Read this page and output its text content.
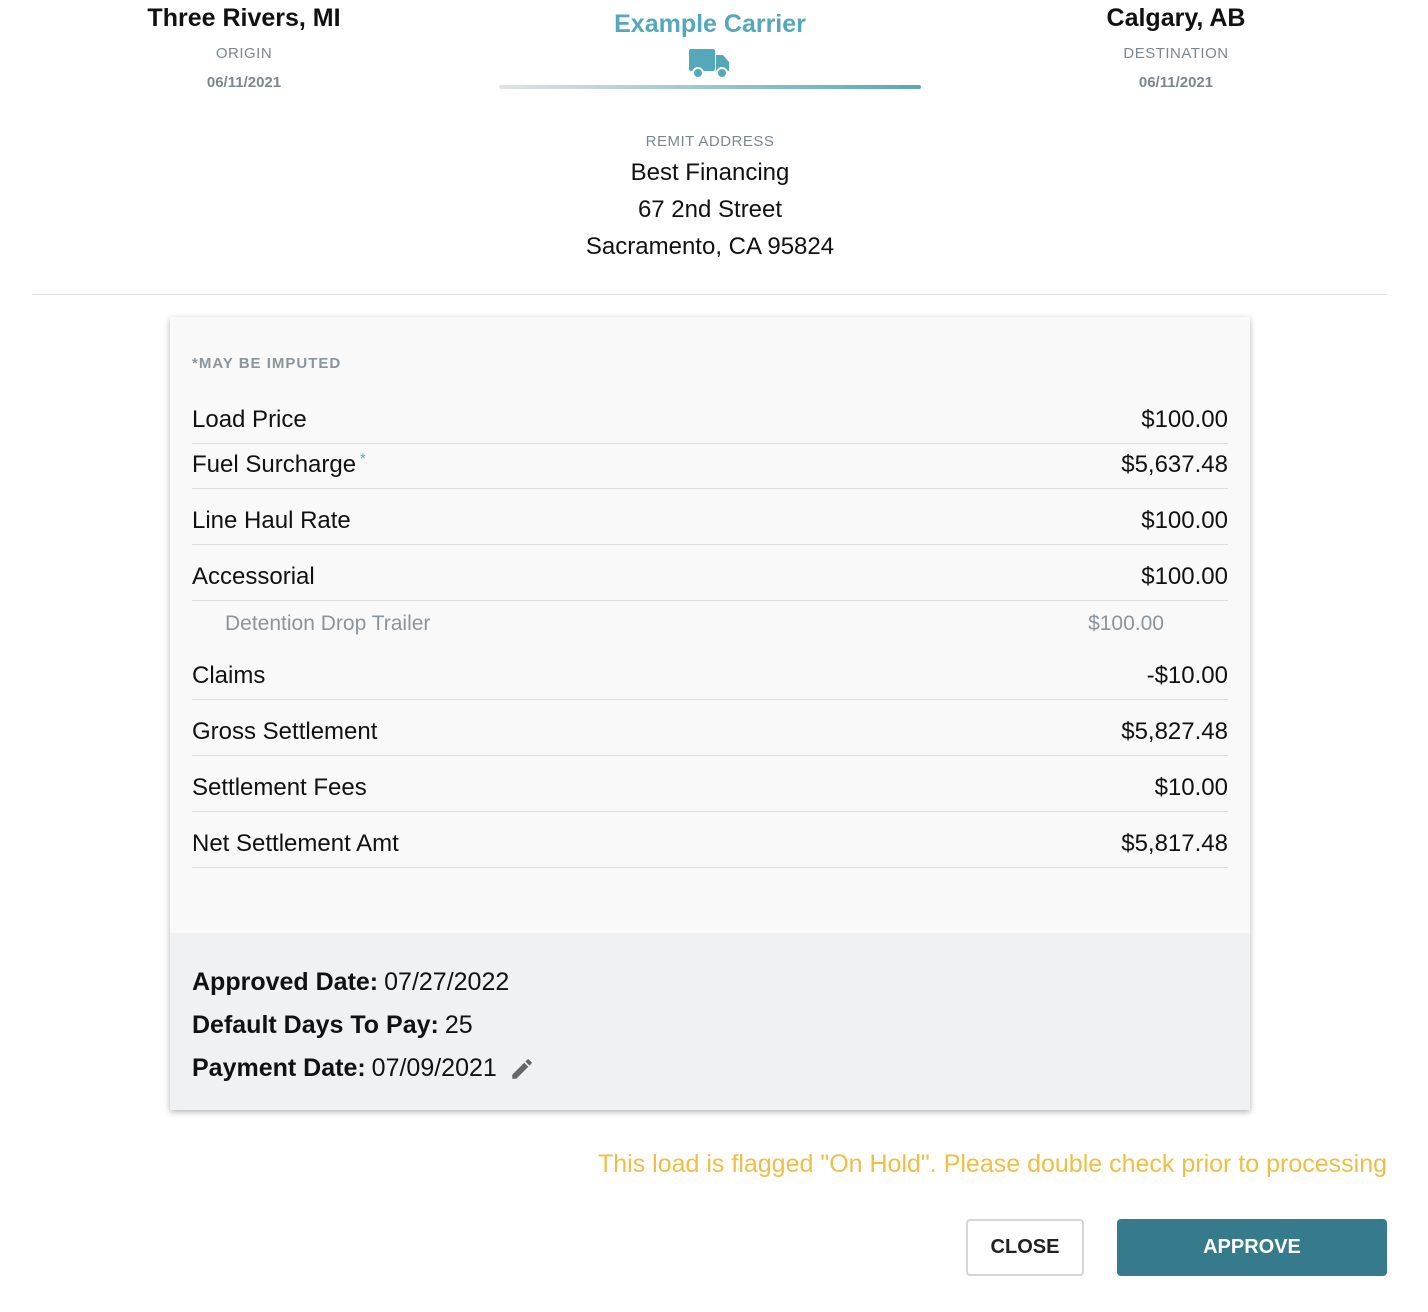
Three Rivers, MI
ORIGIN
06/11/2021
Example Carrier	Calgary, AB
DESTINATION
06/11/2021
REMIT ADDRESS
Best Financing
67 2nd Street
Sacramento, CA 95824
*MAY BE IMPUTED
Load Price	$100.00
Fuel Surcharge *	$5,637.48
Line Haul Rate	$100.00
Accessorial	$100.00
Detention Drop Trailer	$100.00
Claims	-$10.00
Gross Settlement	$5,827.48
Settlement Fees	$10.00
Net Settlement Amt	$5,817.48
Approved Date: 07/27/2022
Default Days To Pay: 25
Payment Date: 07/09/2021
This load is flagged "On Hold". Please double check prior to processing
CLOSE	APPROVE
